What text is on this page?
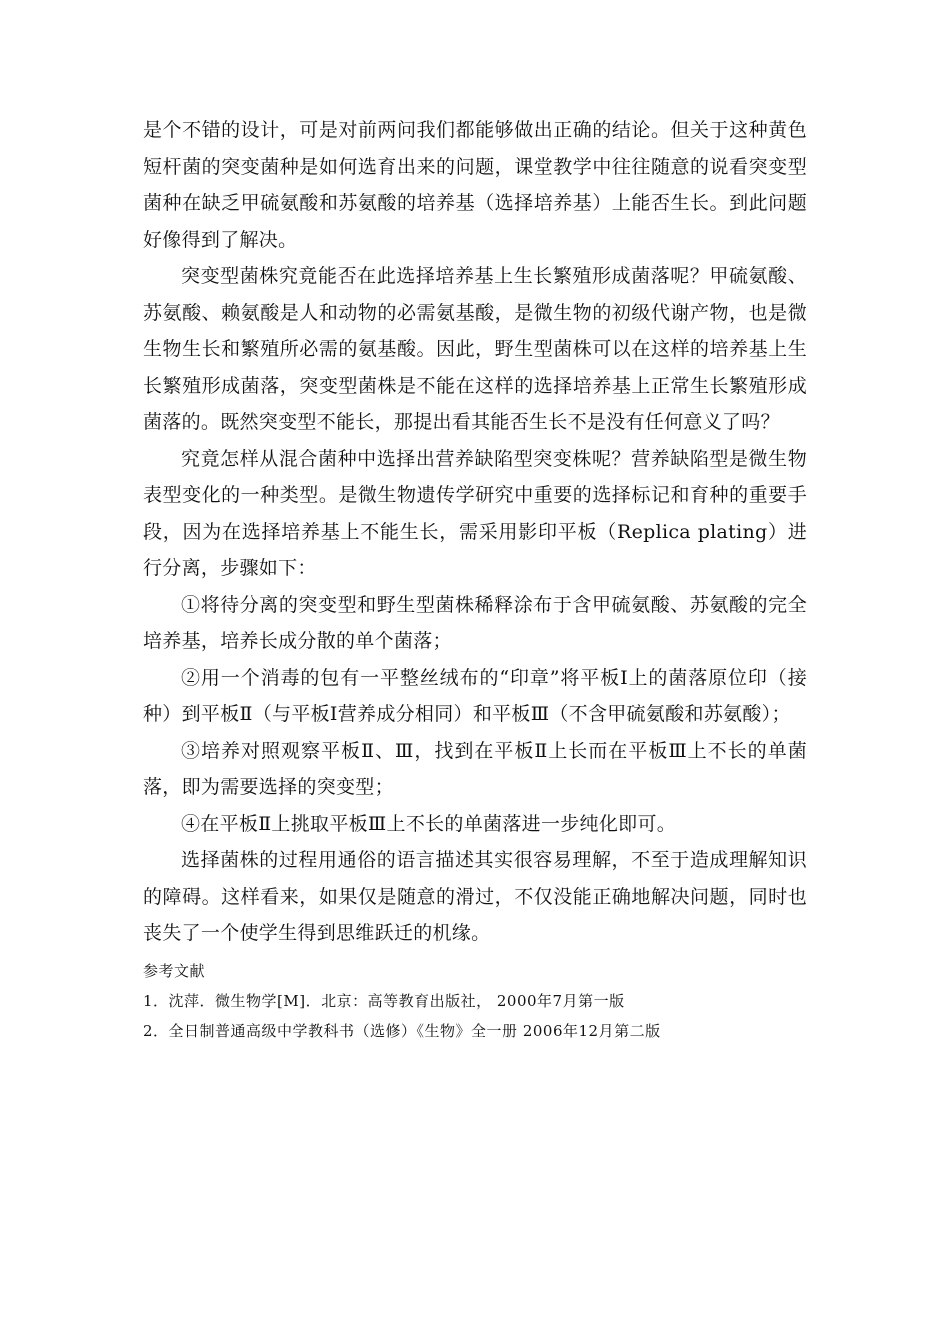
是个不错的设计，可是对前两问我们都能够做出正确的结论。但关于这种黄色短杆菌的突变菌种是如何选育出来的问题，课堂教学中往往随意的说看突变型菌种在缺乏甲硫氨酸和苏氨酸的培养基（选择培养基）上能否生长。到此问题好像得到了解决。

突变型菌株究竟能否在此选择培养基上生长繁殖形成菌落呢？甲硫氨酸、苏氨酸、赖氨酸是人和动物的必需氨基酸，是微生物的初级代谢产物，也是微生物生长和繁殖所必需的氨基酸。因此，野生型菌株可以在这样的培养基上生长繁殖形成菌落，突变型菌株是不能在这样的选择培养基上正常生长繁殖形成菌落的。既然突变型不能长，那提出看其能否生长不是没有任何意义了吗？

究竟怎样从混合菌种中选择出营养缺陷型突变株呢？营养缺陷型是微生物表型变化的一种类型。是微生物遗传学研究中重要的选择标记和育种的重要手段，因为在选择培养基上不能生长，需采用影印平板（Replica plating）进行分离，步骤如下：

①将待分离的突变型和野生型菌株稀释涂布于含甲硫氨酸、苏氨酸的完全培养基，培养长成分散的单个菌落；

②用一个消毒的包有一平整丝绒布的“印章”将平板Ⅰ上的菌落原位印（接种）到平板Ⅱ（与平板Ⅰ营养成分相同）和平板Ⅲ（不含甲硫氨酸和苏氨酸）；

③培养对照观察平板Ⅱ、Ⅲ，找到在平板Ⅱ上长而在平板Ⅲ上不长的单菌落，即为需要选择的突变型；

④在平板Ⅱ上挑取平板Ⅲ上不长的单菌落进一步纯化即可。

选择菌株的过程用通俗的语言描述其实很容易理解，不至于造成理解知识的障碍。这样看来，如果仅是随意的滑过，不仅没能正确地解决问题，同时也丧失了一个使学生得到思维跃迁的机缘。

参考文献

1．沈萍．微生物学[M]．北京：高等教育出版社， 2000年7月第一版

2．全日制普通高级中学教科书（选修）《生物》全一册 2006年12月第二版
